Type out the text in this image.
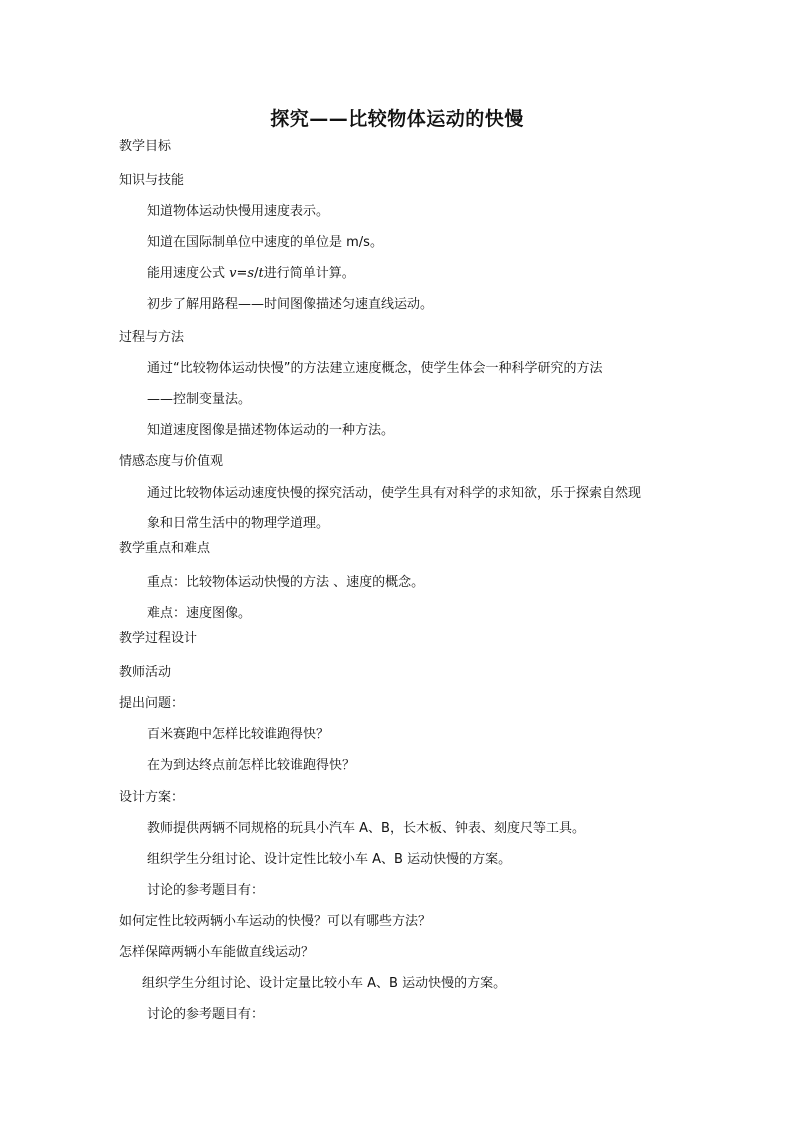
探究——比较物体运动的快慢
教学目标
知识与技能
知道物体运动快慢用速度表示。
知道在国际制单位中速度的单位是 m/s。
能用速度公式 v=s/t进行简单计算。
初步了解用路程——时间图像描述匀速直线运动。
过程与方法
通过“比较物体运动快慢”的方法建立速度概念，使学生体会一种科学研究的方法
——控制变量法。
知道速度图像是描述物体运动的一种方法。
情感态度与价值观
通过比较物体运动速度快慢的探究活动，使学生具有对科学的求知欲，乐于探索自然现
象和日常生活中的物理学道理。
教学重点和难点
重点：比较物体运动快慢的方法 、速度的概念。
难点：速度图像。
教学过程设计
教师活动
提出问题：
百米赛跑中怎样比较谁跑得快？
在为到达终点前怎样比较谁跑得快？
设计方案：
教师提供两辆不同规格的玩具小汽车 A、B，长木板、钟表、刻度尺等工具。
组织学生分组讨论、设计定性比较小车 A、B 运动快慢的方案。
讨论的参考题目有：
如何定性比较两辆小车运动的快慢？可以有哪些方法？
怎样保障两辆小车能做直线运动？
组织学生分组讨论、设计定量比较小车 A、B 运动快慢的方案。
讨论的参考题目有：
